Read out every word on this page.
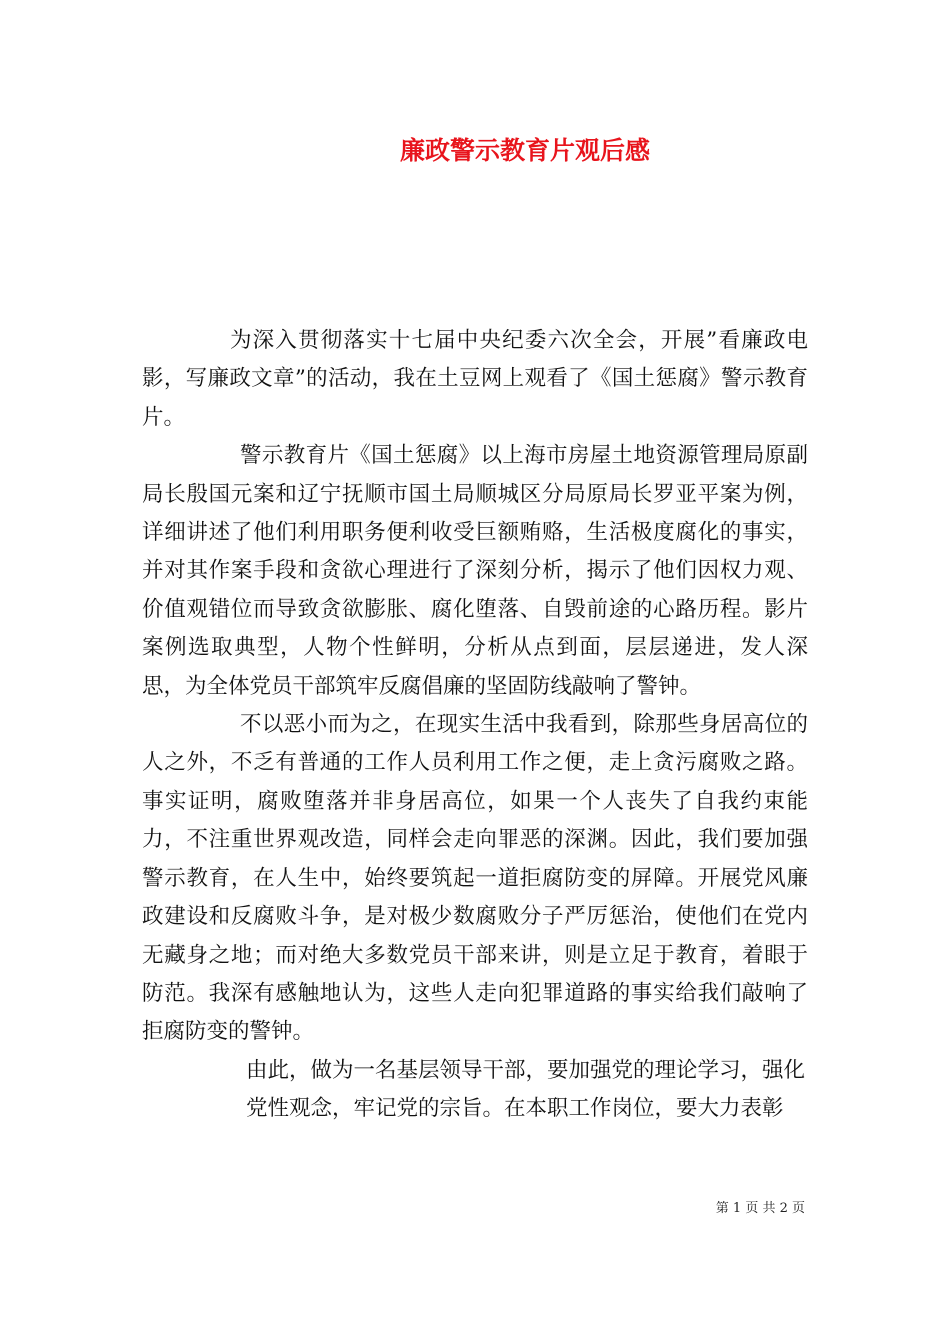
廉政警示教育片观后感

为深入贯彻落实十七届中央纪委六次全会，开展”看廉政电影，写廉政文章”的活动，我在土豆网上观看了《国土惩腐》警示教育片。

警示教育片《国土惩腐》以上海市房屋土地资源管理局原副局长殷国元案和辽宁抚顺市国土局顺城区分局原局长罗亚平案为例，详细讲述了他们利用职务便利收受巨额贿赂，生活极度腐化的事实，并对其作案手段和贪欲心理进行了深刻分析，揭示了他们因权力观、价值观错位而导致贪欲膨胀、腐化堕落、自毁前途的心路历程。影片案例选取典型，人物个性鲜明，分析从点到面，层层递进，发人深思，为全体党员干部筑牢反腐倡廉的坚固防线敲响了警钟。

不以恶小而为之，在现实生活中我看到，除那些身居高位的人之外，不乏有普通的工作人员利用工作之便，走上贪污腐败之路。事实证明，腐败堕落并非身居高位，如果一个人丧失了自我约束能力，不注重世界观改造，同样会走向罪恶的深渊。因此，我们要加强警示教育，在人生中，始终要筑起一道拒腐防变的屏障。开展党风廉政建设和反腐败斗争，是对极少数腐败分子严厉惩治，使他们在党内无藏身之地；而对绝大多数党员干部来讲，则是立足于教育，着眼于防范。我深有感触地认为，这些人走向犯罪道路的事实给我们敲响了拒腐防变的警钟。

由此，做为一名基层领导干部，要加强党的理论学习，强化

党性观念，牢记党的宗旨。在本职工作岗位，要大力表彰

第 1 页 共 2 页
